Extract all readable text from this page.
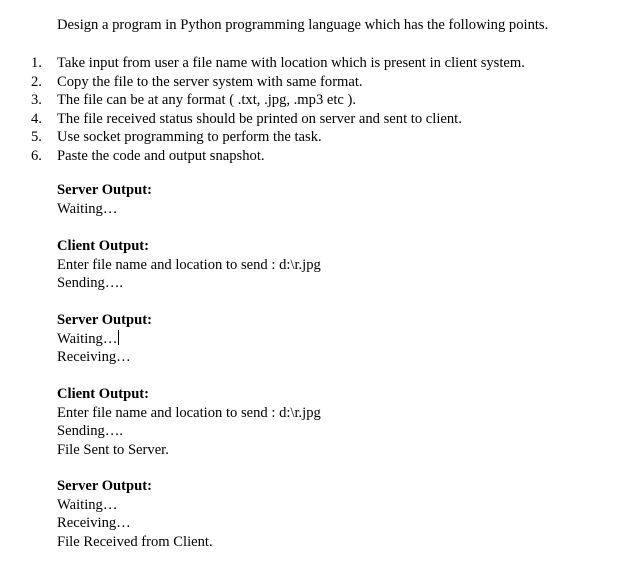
Design a program in Python programming language which has the following points.
1.	Take input from user a file name with location which is present in client system.
2.	Copy the file to the server system with same format.
3.	The file can be at any format ( .txt, .jpg, .mp3 etc ).
4.	The file received status should be printed on server and sent to client.
5.	Use socket programming to perform the task.
6.	Paste the code and output snapshot.
Server Output:
Waiting…
Client Output:
Enter file name and location to send : d:\r.jpg
Sending….
Server Output:
Waiting…
Receiving…
Client Output:
Enter file name and location to send : d:\r.jpg
Sending….
File Sent to Server.
Server Output:
Waiting…
Receiving…
File Received from Client.
